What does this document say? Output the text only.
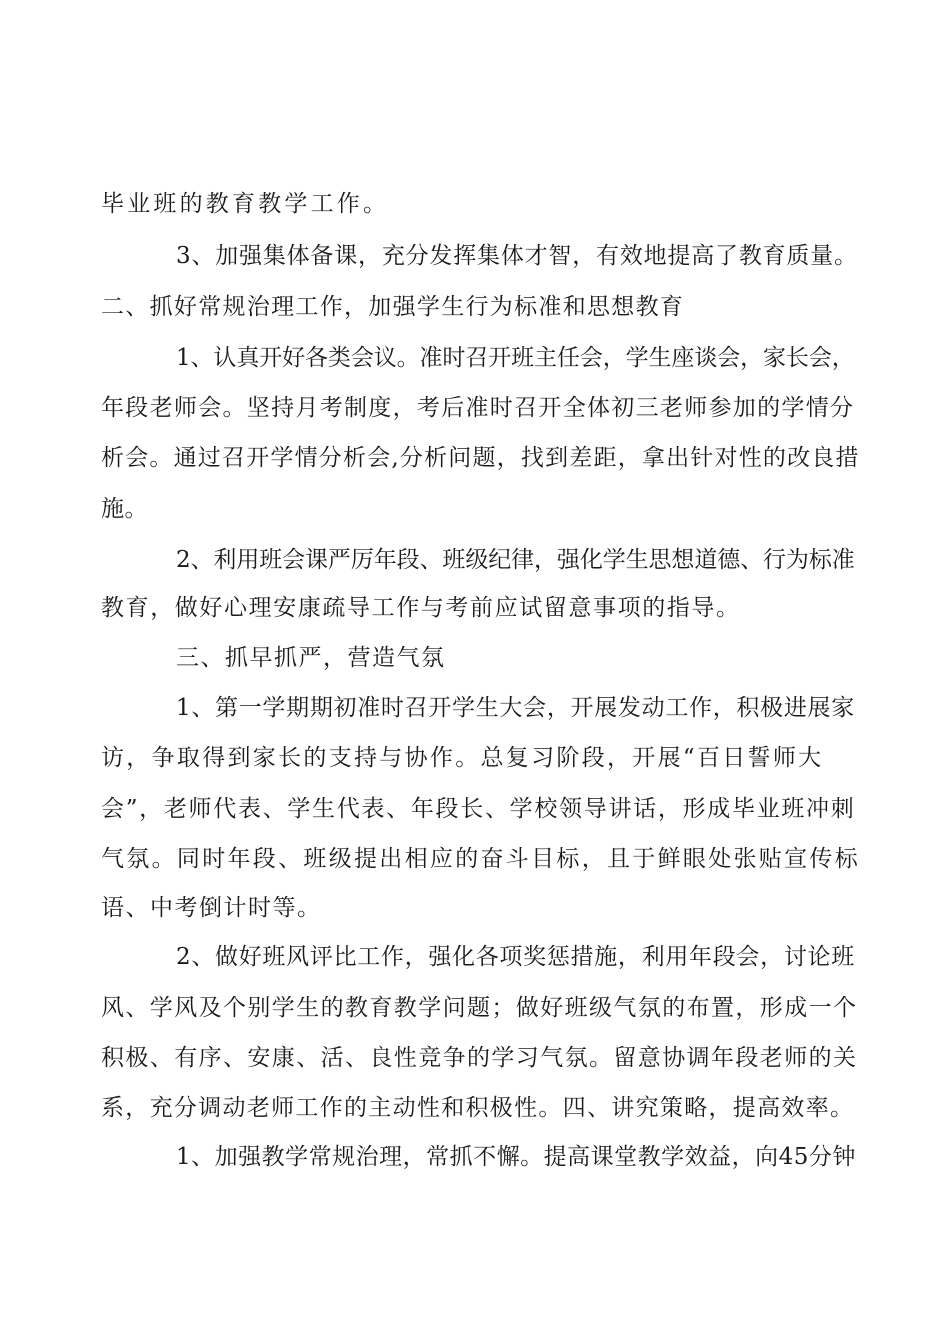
毕业班的教育教学工作。
3、加强集体备课，充分发挥集体才智，有效地提高了教育质量。
二、抓好常规治理工作，加强学生行为标准和思想教育
1、认真开好各类会议。准时召开班主任会，学生座谈会，家长会，
年段老师会。坚持月考制度，考后准时召开全体初三老师参加的学情分
析会。通过召开学情分析会,分析问题，找到差距，拿出针对性的改良措
施。
2、利用班会课严厉年段、班级纪律，强化学生思想道德、行为标准
教育，做好心理安康疏导工作与考前应试留意事项的指导。
三、抓早抓严，营造气氛
1、第一学期期初准时召开学生大会，开展发动工作，积极进展家
访，争取得到家长的支持与协作。总复习阶段，开展“百日誓师大
会”，老师代表、学生代表、年段长、学校领导讲话，形成毕业班冲刺
气氛。同时年段、班级提出相应的奋斗目标，且于鲜眼处张贴宣传标
语、中考倒计时等。
2、做好班风评比工作，强化各项奖惩措施，利用年段会，讨论班
风、学风及个别学生的教育教学问题；做好班级气氛的布置，形成一个
积极、有序、安康、活、良性竞争的学习气氛。留意协调年段老师的关
系，充分调动老师工作的主动性和积极性。四、讲究策略，提高效率。
1、加强教学常规治理，常抓不懈。提高课堂教学效益，向45分钟
